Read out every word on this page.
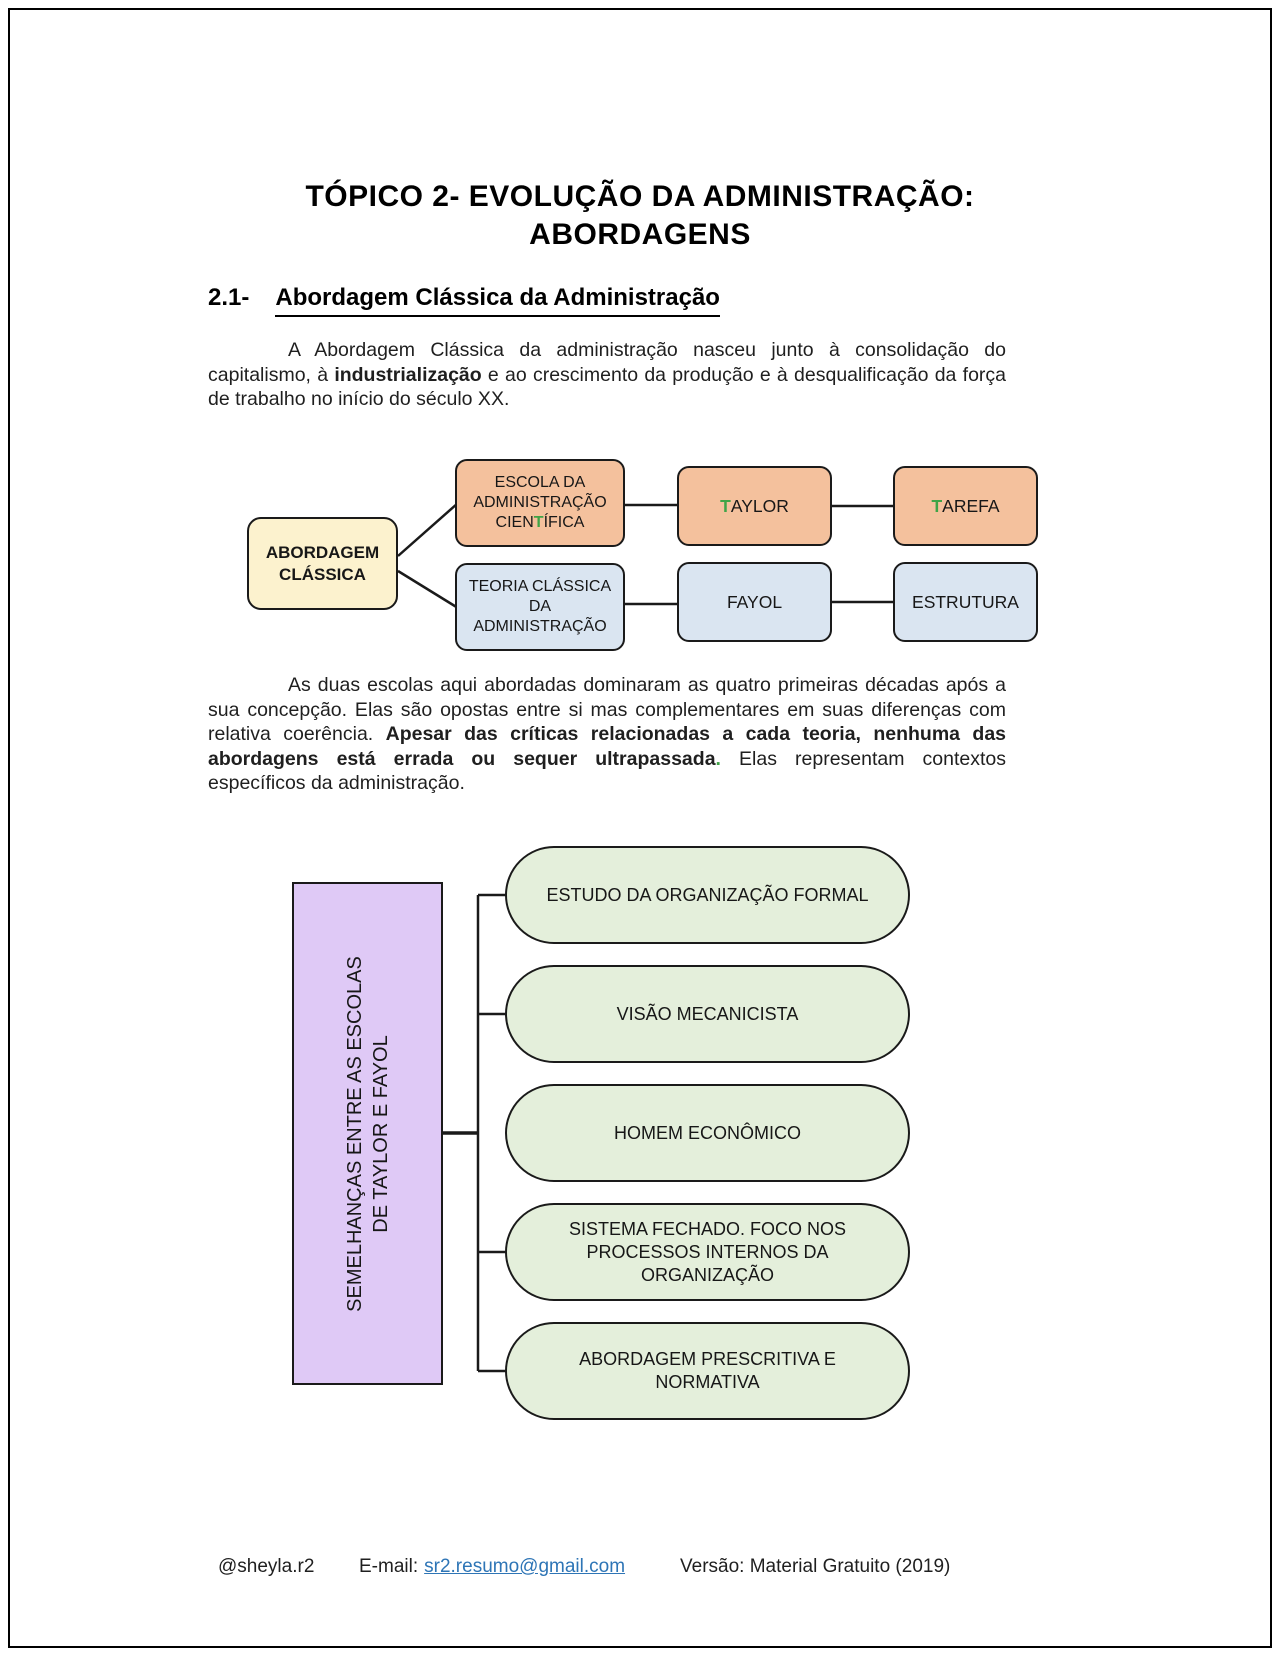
TÓPICO 2- EVOLUÇÃO DA ADMINISTRAÇÃO:
ABORDAGENS
2.1- Abordagem Clássica da Administração

A Abordagem Clássica da administração nasceu junto à consolidação do capitalismo, à industrialização e ao crescimento da produção e à desqualificação da força de trabalho no início do século XX.

ABORDAGEM CLÁSSICA
ESCOLA DA ADMINISTRAÇÃO CIENTÍFICA
TAYLOR	TAREFA
TEORIA CLÁSSICA DA ADMINISTRAÇÃO
FAYOL	ESTRUTURA

As duas escolas aqui abordadas dominaram as quatro primeiras décadas após a sua concepção. Elas são opostas entre si mas complementares em suas diferenças com relativa coerência. Apesar das críticas relacionadas a cada teoria, nenhuma das abordagens está errada ou sequer ultrapassada. Elas representam contextos específicos da administração.

SEMELHANÇAS ENTRE AS ESCOLAS DE TAYLOR E FAYOL
ESTUDO DA ORGANIZAÇÃO FORMAL
VISÃO MECANICISTA
HOMEM ECONÔMICO
SISTEMA FECHADO. FOCO NOS PROCESSOS INTERNOS DA ORGANIZAÇÃO
ABORDAGEM PRESCRITIVA E NORMATIVA
@sheyla.r2 E-mail: sr2.resumo@gmail.com	Versão: Material Gratuito (2019)
